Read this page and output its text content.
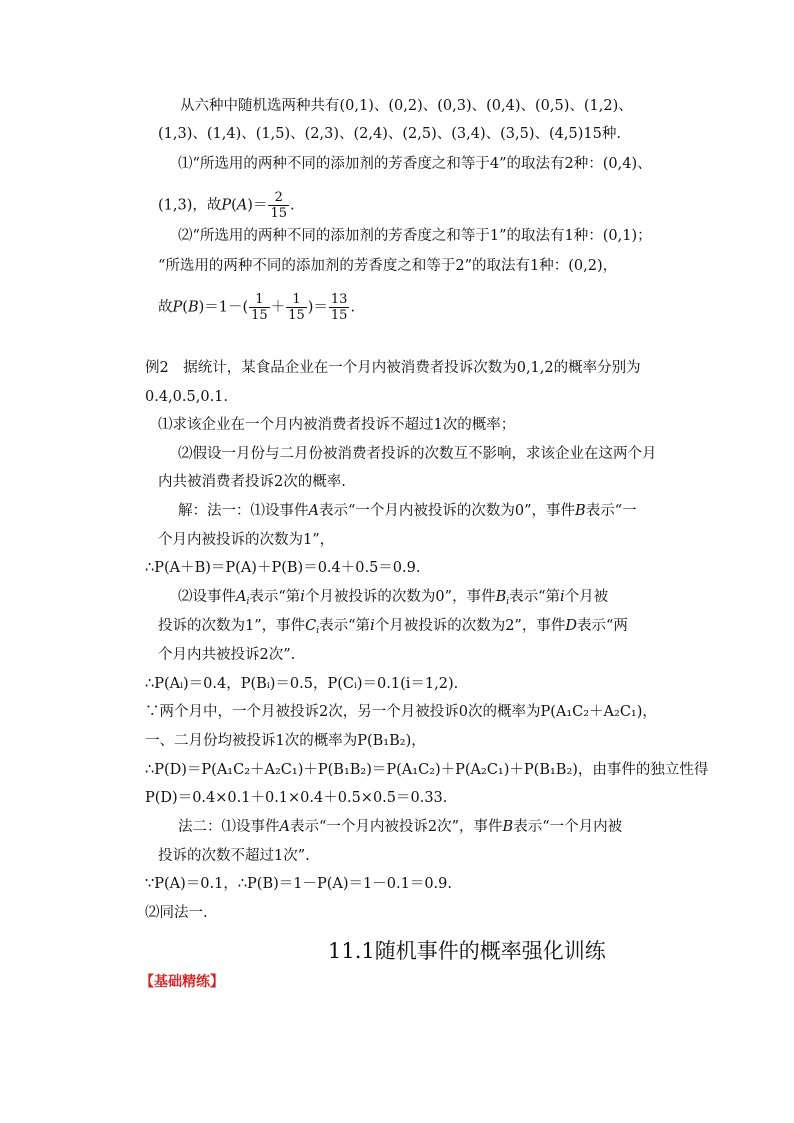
从六种中随机选两种共有(0,1)、(0,2)、(0,3)、(0,4)、(0,5)、(1,2)、
(1,3)、(1,4)、(1,5)、(2,3)、(2,4)、(2,5)、(3,4)、(3,5)、(4,5)15种.
⑴“所选用的两种不同的添加剂的芳香度之和等于4”的取法有2种：(0,4)、
(1,3)，故$P(A)= \frac{2}{15}$ .
⑵“所选用的两种不同的添加剂的芳香度之和等于1”的取法有1种：(0,1)；
“所选用的两种不同的添加剂的芳香度之和等于2”的取法有1种：(0,2)，
故$P(B)=1-( \frac{1}{15} + \frac{1}{15}$ )＝ $\frac{13}{15}$ .
例2　据统计，某食品企业在一个月内被消费者投诉次数为0,1,2的概率分别为
0.4,0.5,0.1.
⑴求该企业在一个月内被消费者投诉不超过1次的概率；
⑵假设一月份与二月份被消费者投诉的次数互不影响，求该企业在这两个月
内共被消费者投诉2次的概率.
解：法一：⑴设事件A表示“一个月内被投诉的次数为0”，事件B表示“一
个月内被投诉的次数为1”，
∴P(A＋B)＝P(A)＋P(B)＝0.4＋0.5＝0.9.
⑵设事件$A_i$表示“第i个月被投诉的次数为0”，事件$B_i$表示“第i个月被
投诉的次数为1”，事件$C_i$表示“第i个月被投诉的次数为2”，事件D表示“两
个月内共被投诉2次”.
∴P(Aᵢ)＝0.4，P(Bᵢ)＝0.5，P(Cᵢ)＝0.1(i＝1,2).
∵两个月中，一个月被投诉2次，另一个月被投诉0次的概率为P(A₁C₂＋A₂C₁)，
一、二月份均被投诉1次的概率为P(B₁B₂)，
∴P(D)＝P(A₁C₂＋A₂C₁)＋P(B₁B₂)＝P(A₁C₂)＋P(A₂C₁)＋P(B₁B₂)，由事件的独立性得
P(D)＝0.4×0.1＋0.1×0.4＋0.5×0.5＝0.33.
法二：⑴设事件A表示“一个月内被投诉2次”，事件B表示“一个月内被
投诉的次数不超过1次”.
∵P(A)＝0.1，∴P(B)＝1－P(A)＝1－0.1＝0.9.
⑵同法一.
11.1随机事件的概率强化训练
【基础精练】
